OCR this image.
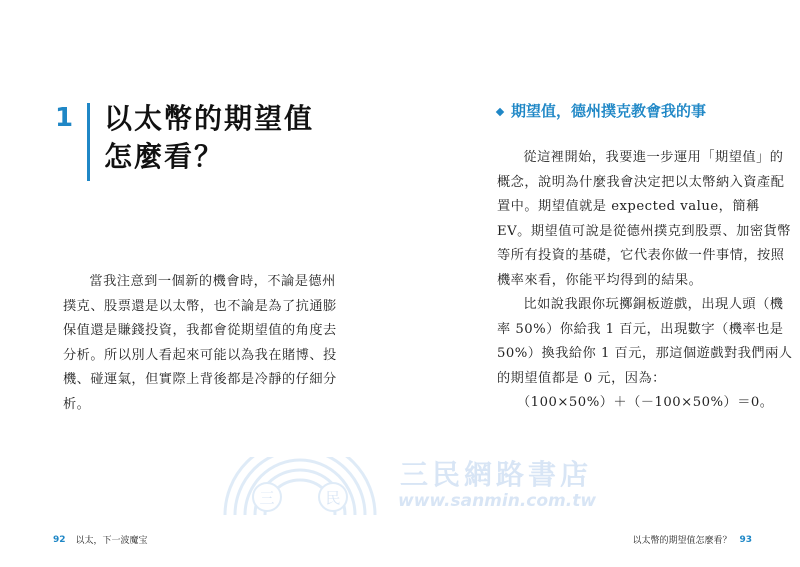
1 以太幣的期望值
怎麼看？

當我注意到一個新的機會時，不論是德州撲克、股票還是以太幣，也不論是為了抗通膨保值還是賺錢投資，我都會從期望值的角度去分析。所以別人看起來可能以為我在賭博、投機、碰運氣，但實際上背後都是冷靜的仔細分析。

92 以太，下一波魔宝
期望值，德州撲克教會我的事

從這裡開始，我要進一步運用「期望值」的概念，說明為什麼我會決定把以太幣納入資產配置中。期望值就是 expected value，簡稱 EV。期望值可說是從德州撲克到股票、加密貨幣等所有投資的基礎，它代表你做一件事情，按照機率來看，你能平均得到的結果。

比如說我跟你玩擲銅板遊戲，出現人頭（機率 50%）你給我 1 百元，出現數字（機率也是 50%）換我給你 1 百元，那這個遊戲對我們兩人的期望值都是 0 元，因為：

（100×50%）＋（－100×50%）＝0。

以太幣的期望值怎麼看？ 93
三	民
三民網路書店
www.sanmin.com.tw
